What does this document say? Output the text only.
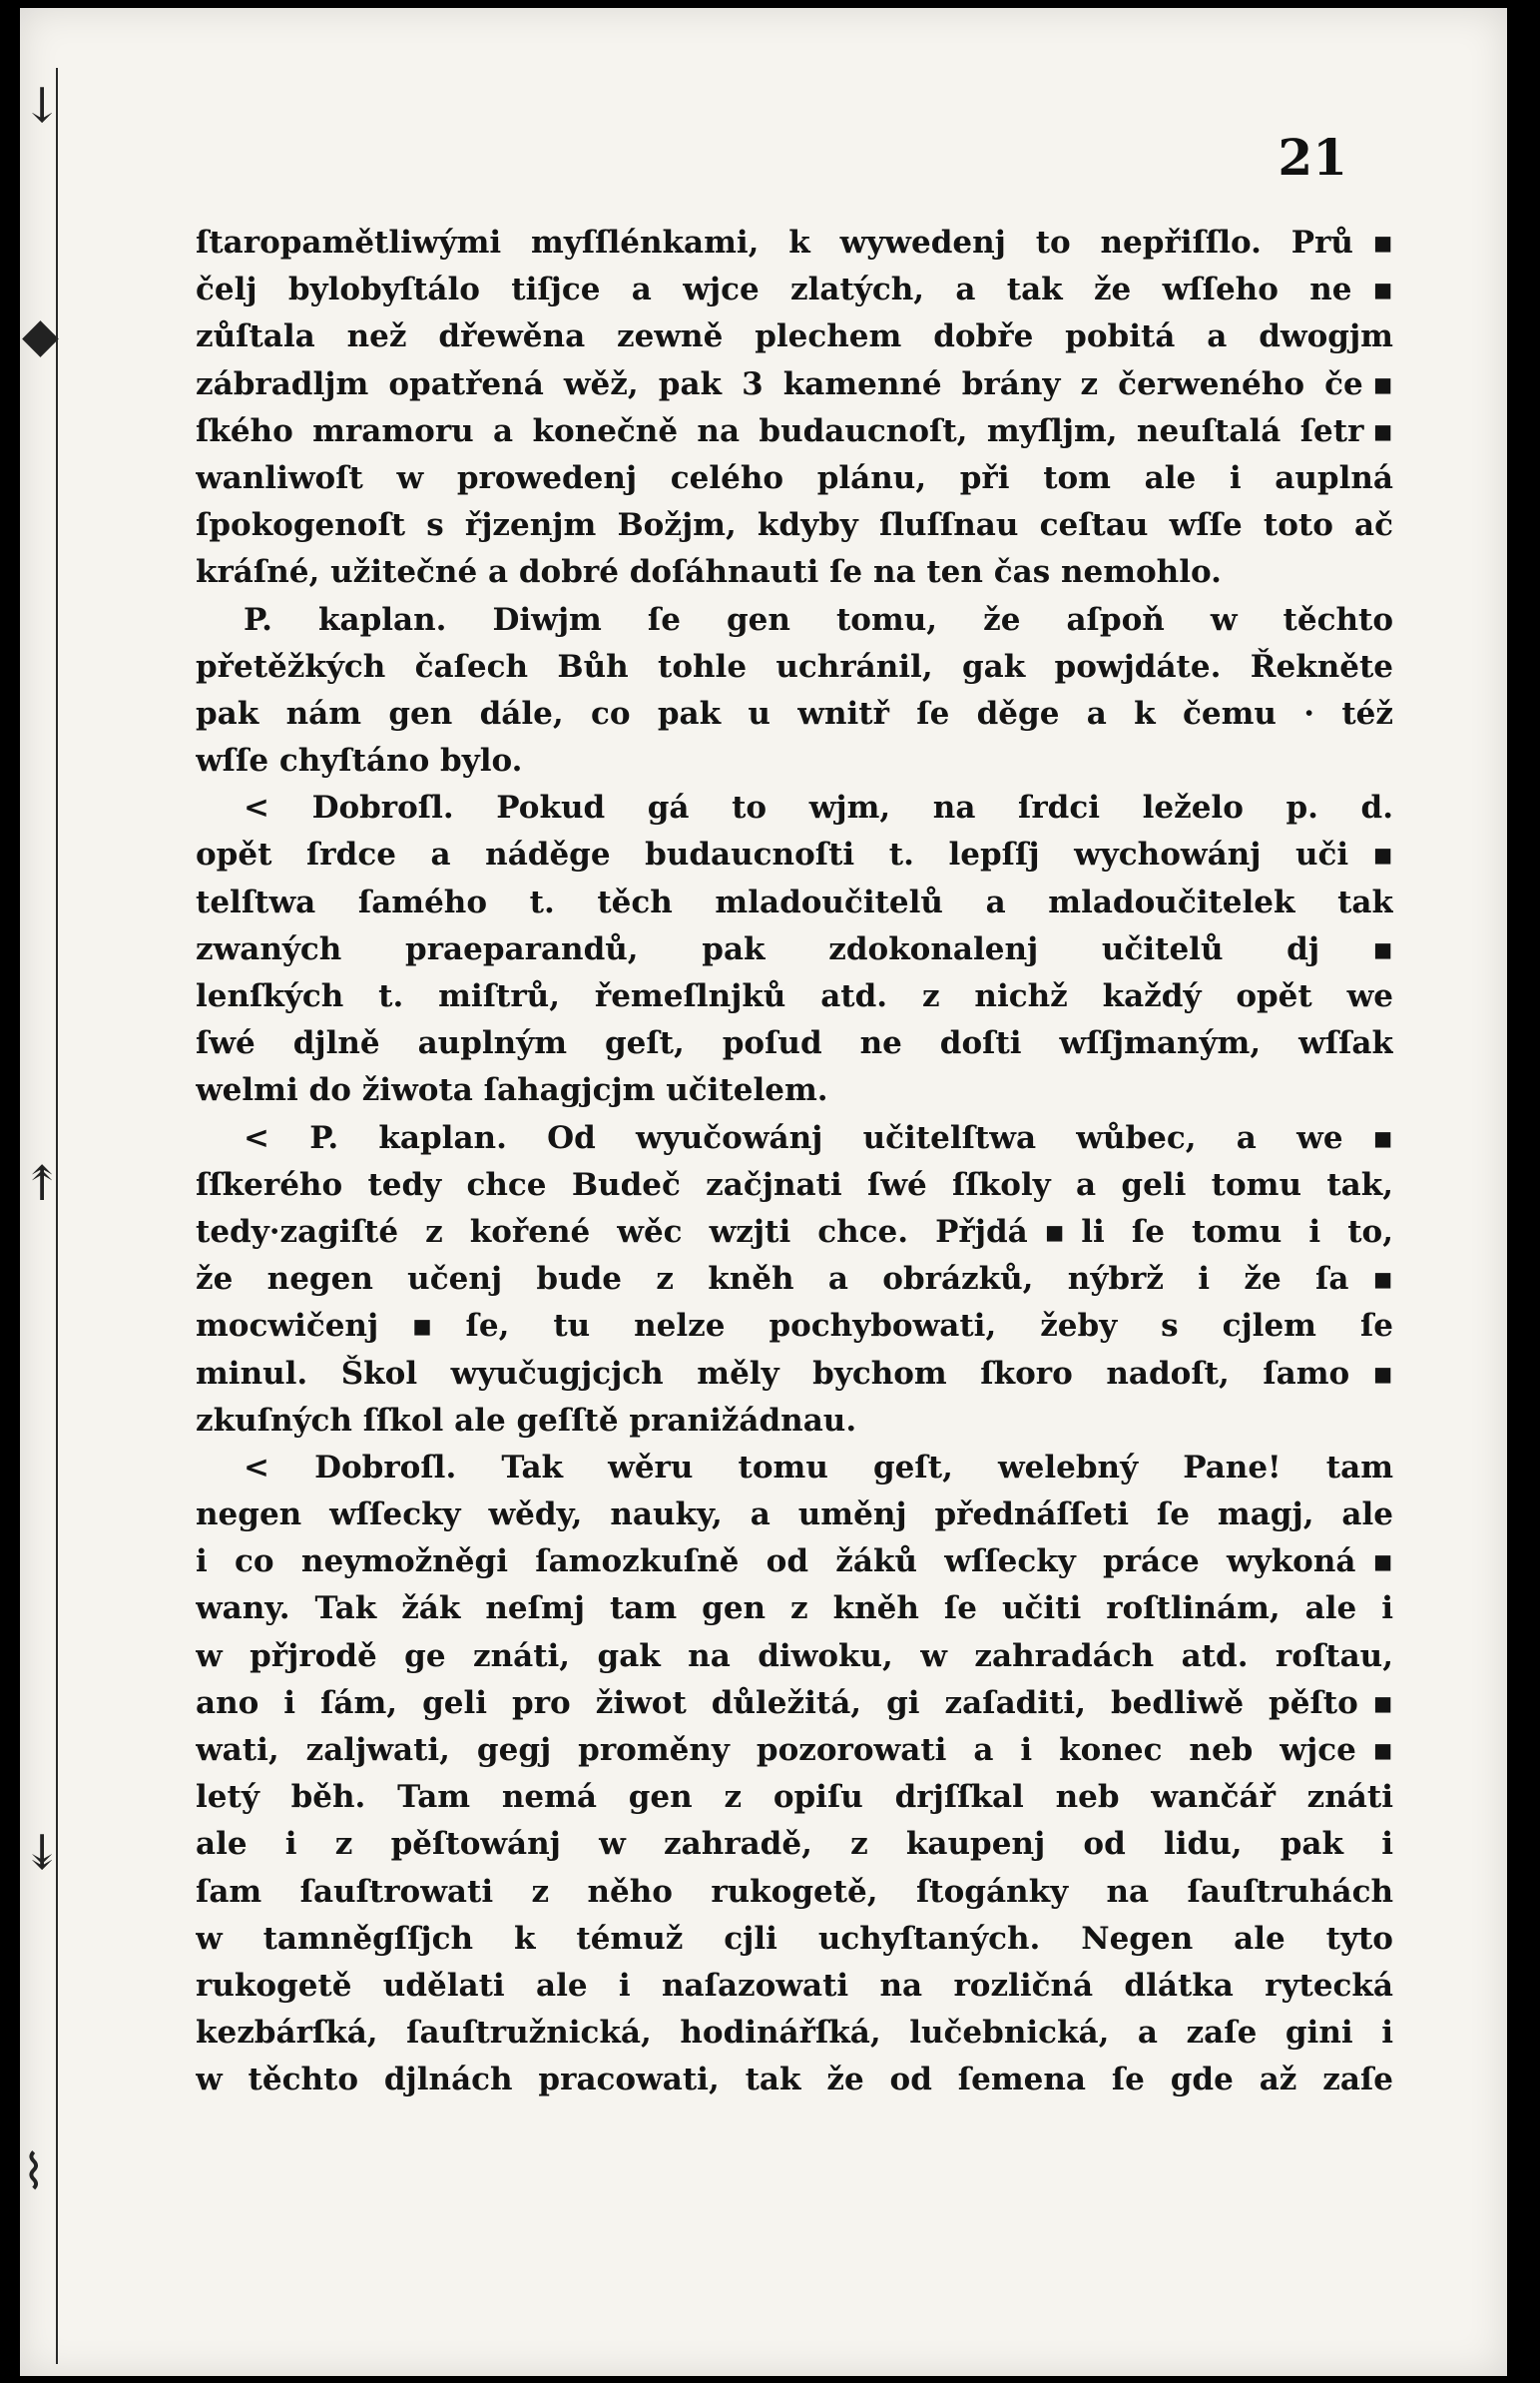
↓
◆
↟
↡
⌇
21
ſtaropamětliwými myſſlénkami, k wywedenj to nepřiſſlo. Prů▪
čelj bylobyſtálo tiſjce a wjce zlatých, a tak že wſſeho ne▪
zůſtala než dřewěna zewně plechem dobře pobitá a dwogjm
zábradljm opatřená wěž, pak 3 kamenné brány z čerweného če▪
ſkého mramoru a konečně na budaucnoſt, myſljm, neuſtalá ſetr▪
wanliwoſt w prowedenj celého plánu, při tom ale i auplná
ſpokogenoſt s řjzenjm Božjm, kdyby ſluſſnau ceſtau wſſe toto ač
kráſné, užitečné a dobré doſáhnauti ſe na ten čas nemohlo.
P. kaplan. Diwjm ſe gen tomu, že aſpoň w těchto
přetěžkých čaſech Bůh tohle uchránil, gak powjdáte. Řekněte
pak nám gen dále, co pak u wnitř ſe děge a k čemu · též
wſſe chyſtáno bylo.
< Dobroſl. Pokud gá to wjm, na ſrdci leželo p. d.
opět ſrdce a náděge budaucnoſti t. lepſſj wychowánj uči▪
telſtwa ſamého t. těch mladoučitelů a mladoučitelek tak
zwaných praeparandů, pak zdokonalenj učitelů dj▪
lenſkých t. miſtrů, řemeſlnjků atd. z nichž každý opět we
ſwé djlně auplným geſt, poſud ne doſti wſſjmaným, wſſak
welmi do žiwota ſahagjcjm učitelem.
< P. kaplan. Od wyučowánj učitelſtwa wůbec, a we▪
ſſkerého tedy chce Budeč začjnati ſwé ſſkoly a geli tomu tak,
tedy·zagiſté z kořené wěc wzjti chce. Přjdá▪li ſe tomu i to,
že negen učenj bude z kněh a obrázků, nýbrž i že ſa▪
mocwičenj▪ſe, tu nelze pochybowati, žeby s cjlem ſe
minul. Škol wyučugjcjch měly bychom ſkoro nadoſt, ſamo▪
zkuſných ſſkol ale geſſtě pranižádnau.
< Dobroſl. Tak wěru tomu geſt, welebný Pane! tam
negen wſſecky wědy, nauky, a uměnj přednáſſeti ſe magj, ale
i co neymožněgi ſamozkuſně od žáků wſſecky práce wykoná▪
wany. Tak žák neſmj tam gen z kněh ſe učiti roſtlinám, ale i
w přjrodě ge znáti, gak na diwoku, w zahradách atd. roſtau,
ano i ſám, geli pro žiwot důležitá, gi zaſaditi, bedliwě pěſto▪
wati, zaljwati, gegj proměny pozorowati a i konec neb wjce▪
letý běh. Tam nemá gen z opiſu drjſſkal neb wančář znáti
ale i z pěſtowánj w zahradě, z kaupenj od lidu, pak i
ſam ſauſtrowati z něho rukogetě, ſtogánky na ſauſtruhách
w tamněgſſjch k témuž cjli uchyſtaných. Negen ale tyto
rukogetě udělati ale i naſazowati na rozličná dlátka rytecká
kezbárſká, ſauſtružnická, hodinářſká, lučebnická, a zaſe gini i
w těchto djlnách pracowati, tak že od ſemena ſe gde až zaſe
